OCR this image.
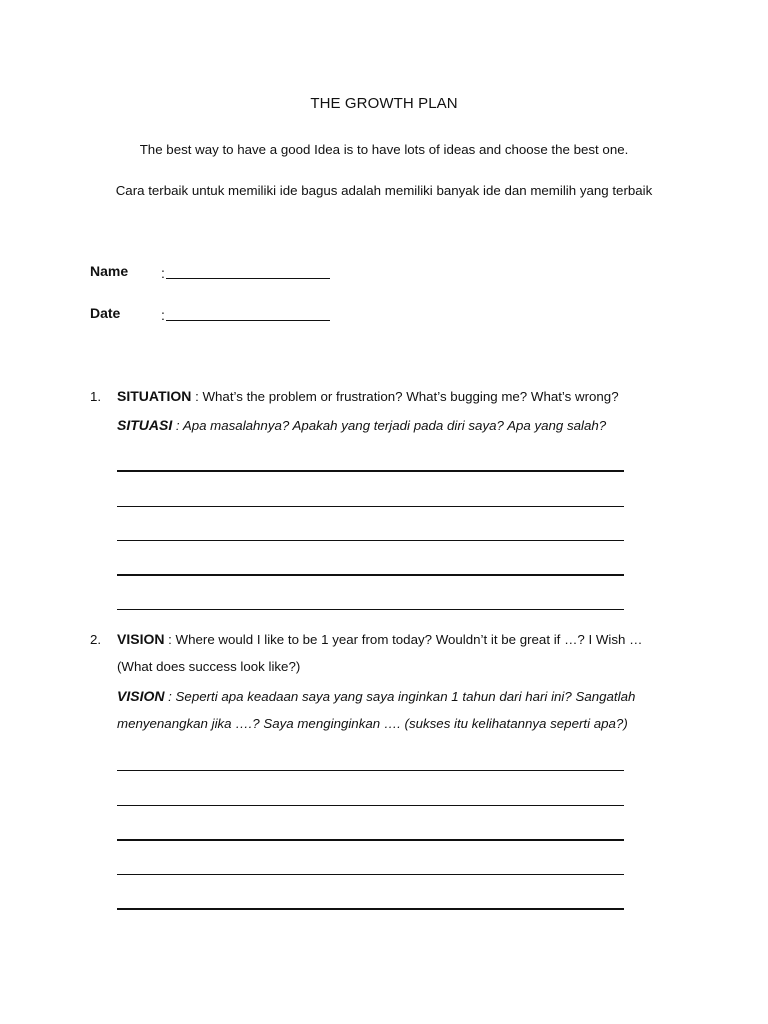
THE GROWTH PLAN
The best way to have a good Idea is to have lots of ideas and choose the best one.
Cara terbaik untuk memiliki ide bagus adalah memiliki banyak ide dan memilih yang terbaik
Name :
Date	:
1. SITUATION : What’s the problem or frustration? What’s bugging me? What’s wrong?
SITUASI : Apa masalahnya? Apakah yang terjadi pada diri saya? Apa yang salah?
2. VISION : Where would I like to be 1 year from today? Wouldn’t it be great if …? I Wish …
(What does success look like?)
VISION : Seperti apa keadaan saya yang saya inginkan 1 tahun dari hari ini? Sangatlah
menyenangkan jika ….? Saya menginginkan …. (sukses itu kelihatannya seperti apa?)
